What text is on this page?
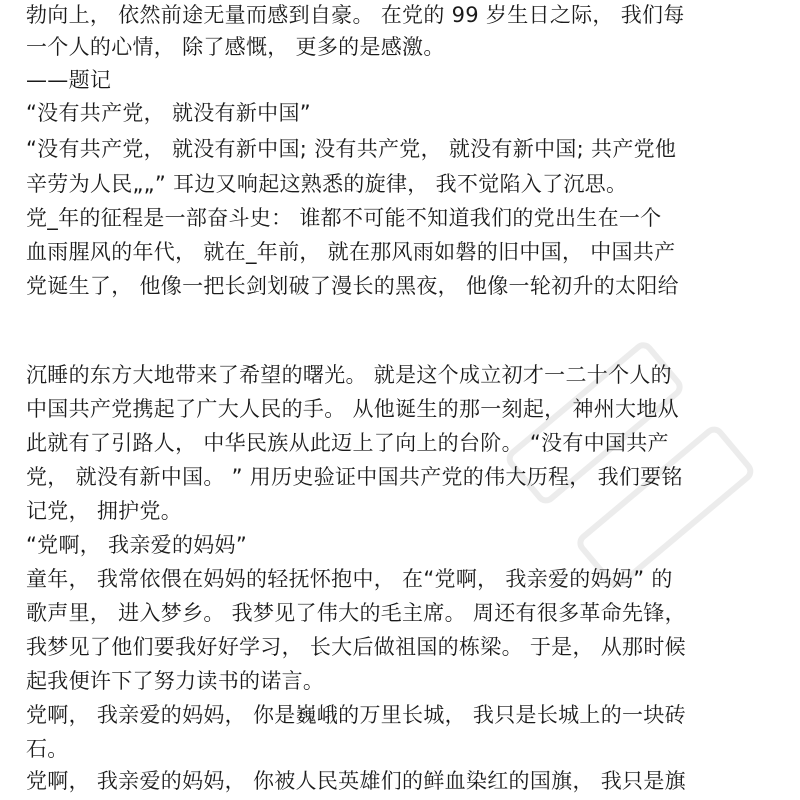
勃向上， 依然前途无量而感到自豪。 在党的 99 岁生日之际， 我们每
一个人的心情， 除了感慨， 更多的是感激。
——题记
“没有共产党， 就没有新中国”
“没有共产党， 就没有新中国; 没有共产党， 就没有新中国; 共产党他
辛劳为人民„„” 耳边又响起这熟悉的旋律， 我不觉陷入了沉思。
党_年的征程是一部奋斗史： 谁都不可能不知道我们的党出生在一个
血雨腥风的年代， 就在_年前， 就在那风雨如磐的旧中国， 中国共产
党诞生了， 他像一把长剑划破了漫长的黑夜， 他像一轮初升的太阳给
沉睡的东方大地带来了希望的曙光。 就是这个成立初才一二十个人的
中国共产党携起了广大人民的手。 从他诞生的那一刻起， 神州大地从
此就有了引路人， 中华民族从此迈上了向上的台阶。 “没有中国共产
党， 就没有新中国。 ” 用历史验证中国共产党的伟大历程， 我们要铭
记党， 拥护党。
“党啊， 我亲爱的妈妈”
童年， 我常依偎在妈妈的轻抚怀抱中， 在“党啊， 我亲爱的妈妈” 的
歌声里， 进入梦乡。 我梦见了伟大的毛主席。 周还有很多革命先锋，
我梦见了他们要我好好学习， 长大后做祖国的栋梁。 于是， 从那时候
起我便许下了努力读书的诺言。
党啊， 我亲爱的妈妈， 你是巍峨的万里长城， 我只是长城上的一块砖
石。
党啊， 我亲爱的妈妈， 你被人民英雄们的鲜血染红的国旗， 我只是旗
